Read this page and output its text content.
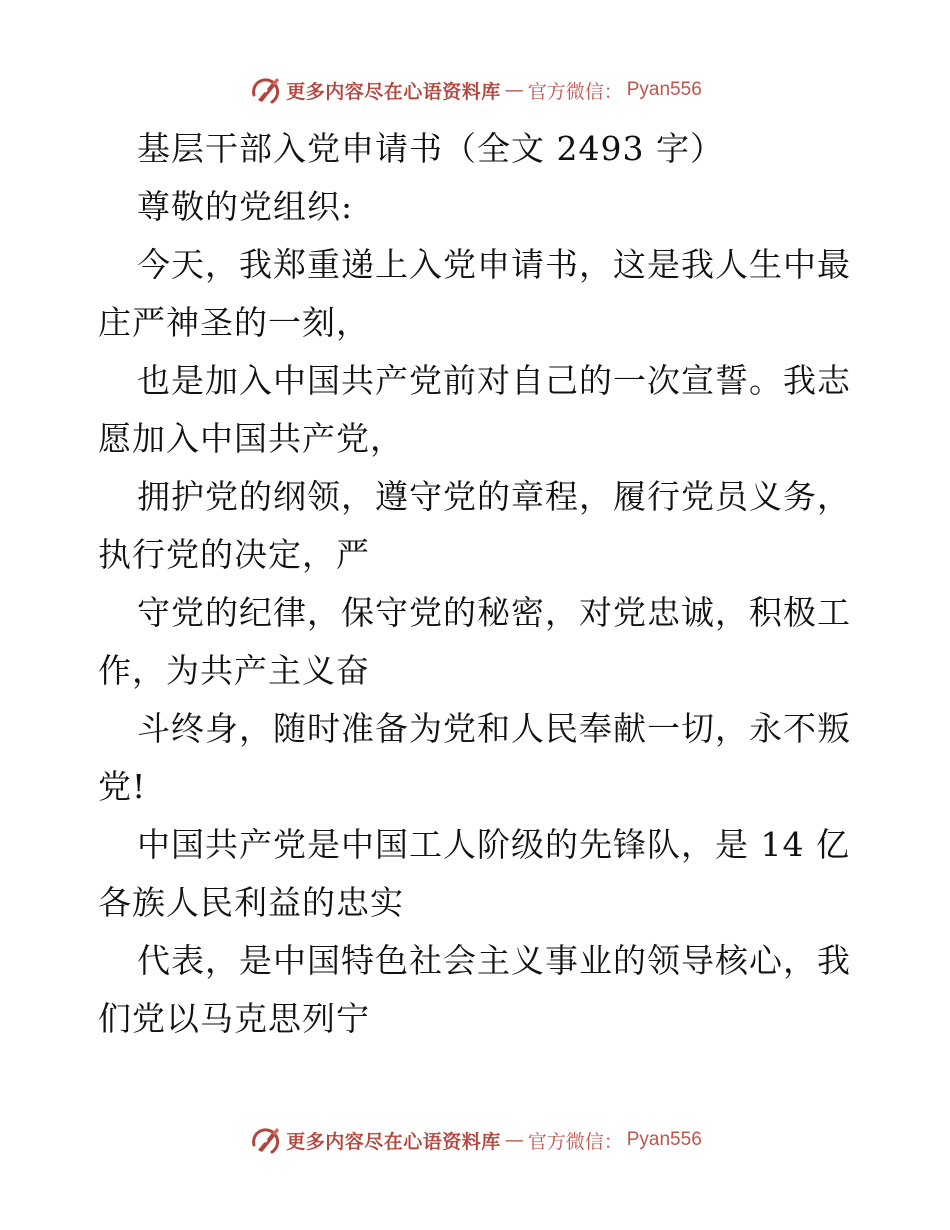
更多内容尽在心语资料库 — 官方微信： Pyan556
基层干部入党申请书（全文 2493 字）
尊敬的党组织:
今天，我郑重递上入党申请书，这是我人生中最
庄严神圣的一刻，
也是加入中国共产党前对自己的一次宣誓。我志
愿加入中国共产党，
拥护党的纲领，遵守党的章程，履行党员义务，
执行党的决定，严
守党的纪律，保守党的秘密，对党忠诚，积极工
作，为共产主义奋
斗终身，随时准备为党和人民奉献一切，永不叛
党!
中国共产党是中国工人阶级的先锋队，是 14 亿
各族人民利益的忠实
代表，是中国特色社会主义事业的领导核心，我
们党以马克思列宁
更多内容尽在心语资料库 — 官方微信： Pyan556
